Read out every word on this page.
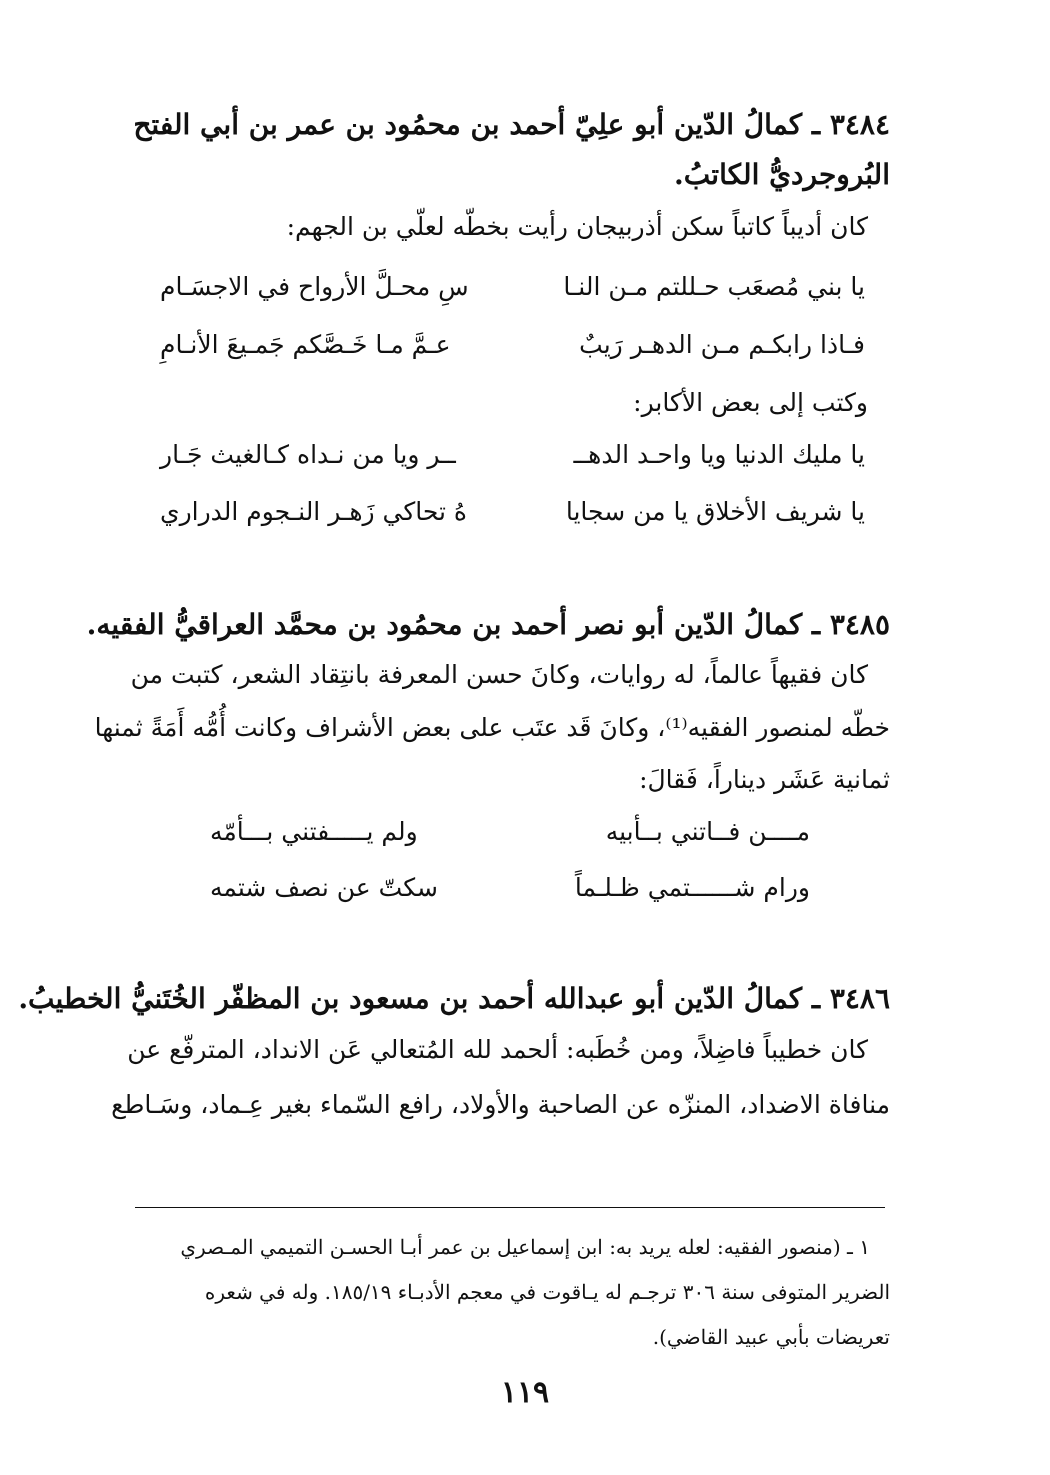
٣٤٨٤ ـ كمالُ الدّين أبو علِيّ أحمد بن محمُود بن عمر بن أبي الفتح
البُروجرديُّ الكاتبُ.
كان أديباً كاتباً سكن أذربيجان رأيت بخطّه لعلّي بن الجهم:
يا بني مُصعَب حـللتم مـن النـا
سِ محـلَّ الأرواح في الاجسَـام
فـاذا رابكـم مـن الدهـر رَيبٌ
عـمَّ مـا خَـصَّكم جَمـيعَ الأنـامِ
وكتب إلى بعض الأكابر:
يا مليك الدنيا ويا واحـد الدهــ
ــر ويا من نـداه كـالغيث جَـار
يا شريف الأخلاق يا من سجايا
هُ تحاكي زَهـر النـجوم الدراري
٣٤٨٥ ـ كمالُ الدّين أبو نصر أحمد بن محمُود بن محمَّد العراقيُّ الفقيه.
كان فقيهاً عالماً، له روايات، وكانَ حسن المعرفة بانتِقاد الشعر، كتبت من
خطّه لمنصور الفقيه⁽¹⁾، وكانَ قَد عتَب على بعض الأشراف وكانت أُمُّه أَمَةً ثمنها
ثمانية عَشَر ديناراً، فَقالَ:
مــــن فــاتني بــأبيه
ولم يـــــفتني بـــأمّه
ورام شــــــتمي ظـلـماً
سكتّ عن نصف شتمه
٣٤٨٦ ـ كمالُ الدّين أبو عبدالله أحمد بن مسعود بن المظفّر الخُتَنيُّ الخطيبُ.
كان خطيباً فاضِلاً، ومن خُطَبه: ألحمد لله المُتعالي عَن الانداد، المترفّع عن
منافاة الاضداد، المنزّه عن الصاحبة والأولاد، رافع السّماء بغير عِـماد، وسَـاطع
١ ـ (منصور الفقيه: لعله يريد به: ابن إسماعيل بن عمر أبـا الحسـن التميمي المـصري
الضرير المتوفى سنة ٣٠٦ ترجـم له يـاقوت في معجم الأدبـاء ١٨٥/١٩. وله في شعره
تعريضات بأبي عبيد القاضي).
١١٩
